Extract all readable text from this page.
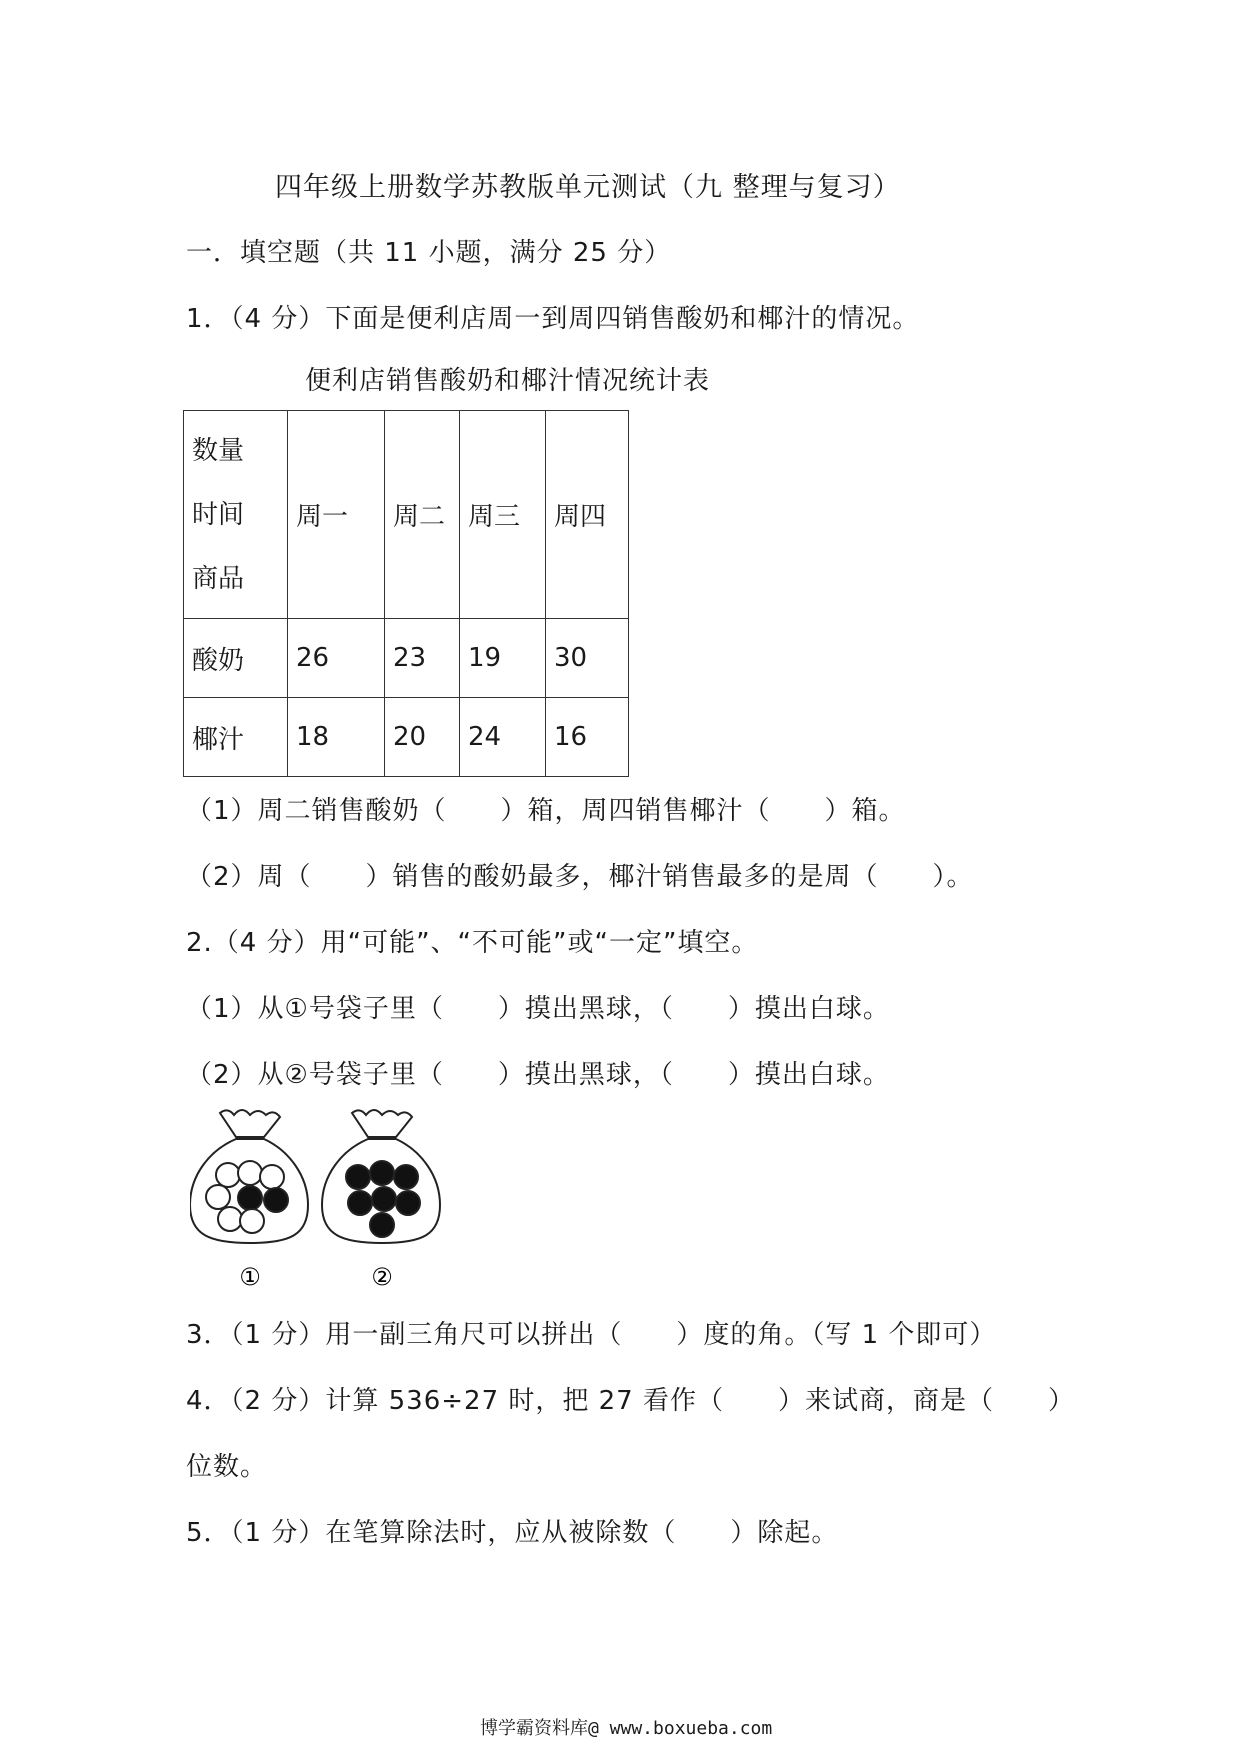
四年级上册数学苏教版单元测试（九 整理与复习）
一．填空题（共 11 小题，满分 25 分）
1．（4 分）下面是便利店周一到周四销售酸奶和椰汁的情况。
便利店销售酸奶和椰汁情况统计表
数量
时间
商品	周一	周二	周三	周四
酸奶	26	23	19	30
椰汁	18	20	24	16
（1）周二销售酸奶（　　）箱，周四销售椰汁（　　）箱。
（2）周（　　）销售的酸奶最多，椰汁销售最多的是周（　　）。
2.（4 分）用“可能”、“不可能”或“一定”填空。
（1）从①号袋子里（　　）摸出黑球，（　　）摸出白球。
（2）从②号袋子里（　　）摸出黑球，（　　）摸出白球。
①	②
3．（1 分）用一副三角尺可以拼出（　　）度的角。（写 1 个即可）
4．（2 分）计算 536÷27 时，把 27 看作（　　）来试商，商是（　　）
位数。
5．（1 分）在笔算除法时，应从被除数（　　）除起。
博学霸资料库@ www.boxueba.com
